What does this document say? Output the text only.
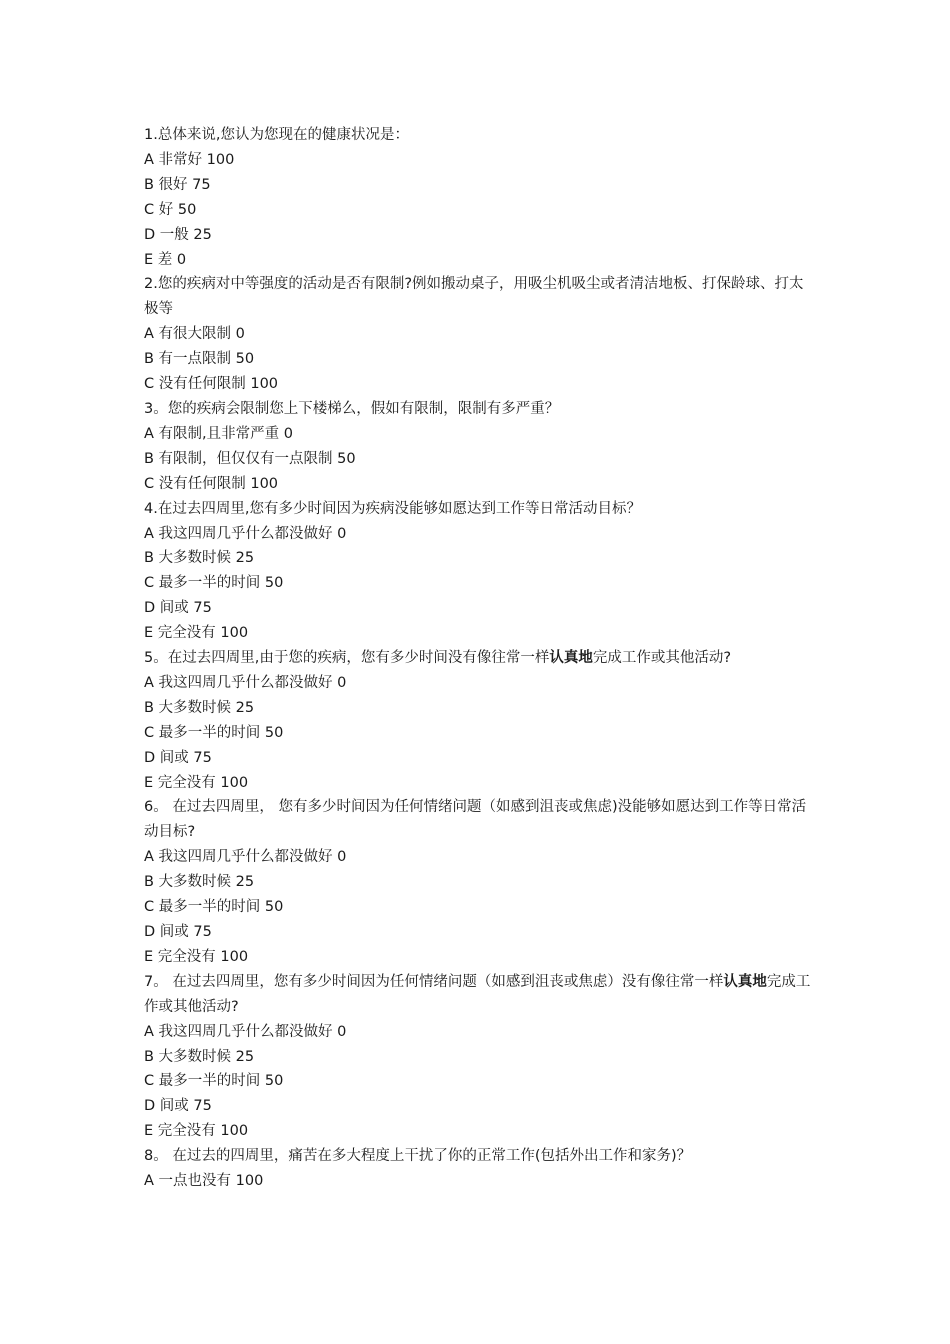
1.总体来说,您认为您现在的健康状况是：
A 非常好 100
B 很好 75
C 好 50
D 一般 25
E 差 0
2.您的疾病对中等强度的活动是否有限制?例如搬动桌子，用吸尘机吸尘或者清洁地板、打保龄球、打太极等
A 有很大限制 0
B 有一点限制 50
C 没有任何限制 100
3。您的疾病会限制您上下楼梯么，假如有限制，限制有多严重？
A 有限制,且非常严重 0
B 有限制，但仅仅有一点限制 50
C 没有任何限制 100
4.在过去四周里,您有多少时间因为疾病没能够如愿达到工作等日常活动目标？
A 我这四周几乎什么都没做好 0
B 大多数时候 25
C 最多一半的时间 50
D 间或 75
E 完全没有 100
5。在过去四周里,由于您的疾病，您有多少时间没有像往常一样认真地完成工作或其他活动?
A 我这四周几乎什么都没做好 0
B 大多数时候 25
C 最多一半的时间 50
D 间或 75
E 完全没有 100
6。 在过去四周里， 您有多少时间因为任何情绪问题（如感到沮丧或焦虑)没能够如愿达到工作等日常活动目标?
A 我这四周几乎什么都没做好 0
B 大多数时候 25
C 最多一半的时间 50
D 间或 75
E 完全没有 100
7。 在过去四周里，您有多少时间因为任何情绪问题（如感到沮丧或焦虑）没有像往常一样认真地完成工作或其他活动?
A 我这四周几乎什么都没做好 0
B 大多数时候 25
C 最多一半的时间 50
D 间或 75
E 完全没有 100
8。 在过去的四周里，痛苦在多大程度上干扰了你的正常工作(包括外出工作和家务)？
A 一点也没有 100
